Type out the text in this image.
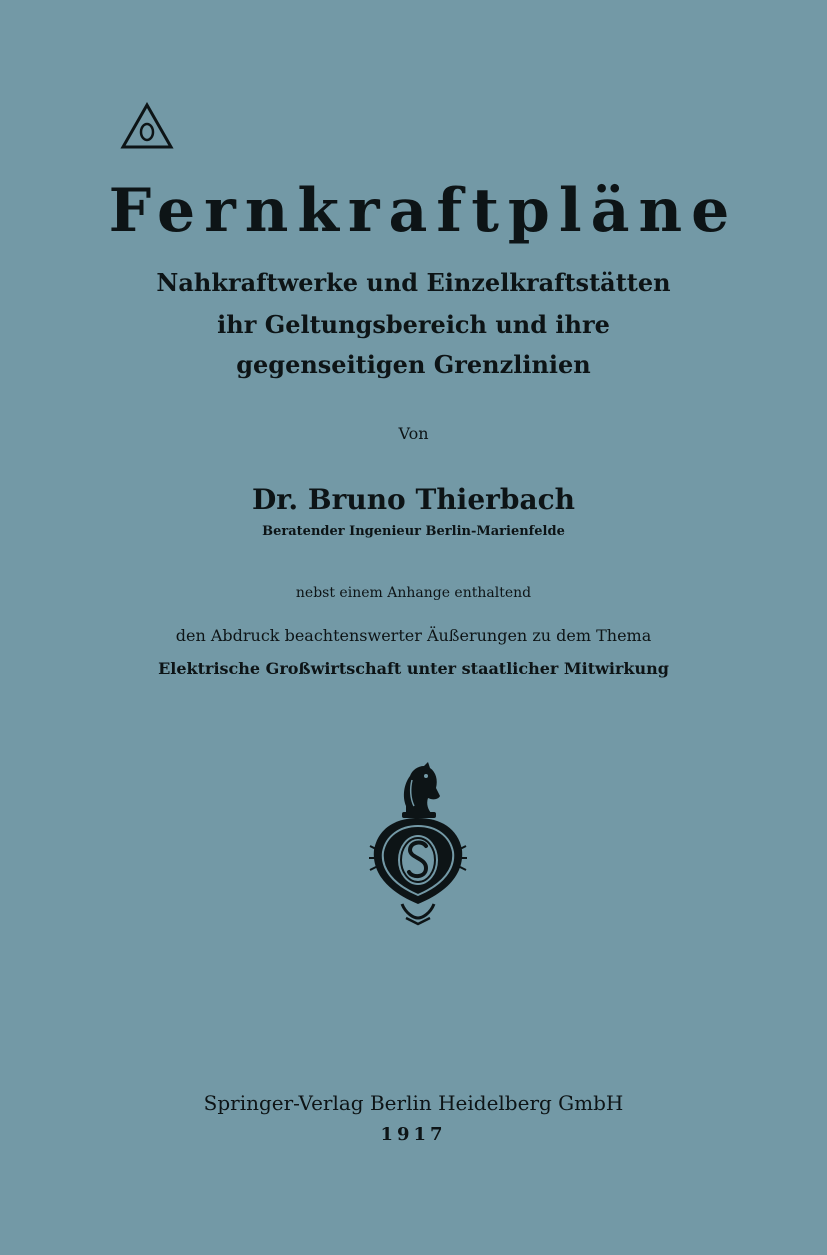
Fernkraftpläne
Nahkraftwerke und Einzelkraftstätten
ihr Geltungsbereich und ihre
gegenseitigen Grenzlinien
Von
Dr. Bruno Thierbach
Beratender Ingenieur Berlin-Marienfelde
nebst einem Anhange enthaltend
den Abdruck beachtenswerter Äußerungen zu dem Thema
Elektrische Großwirtschaft unter staatlicher Mitwirkung
Springer-Verlag Berlin Heidelberg GmbH
1917
